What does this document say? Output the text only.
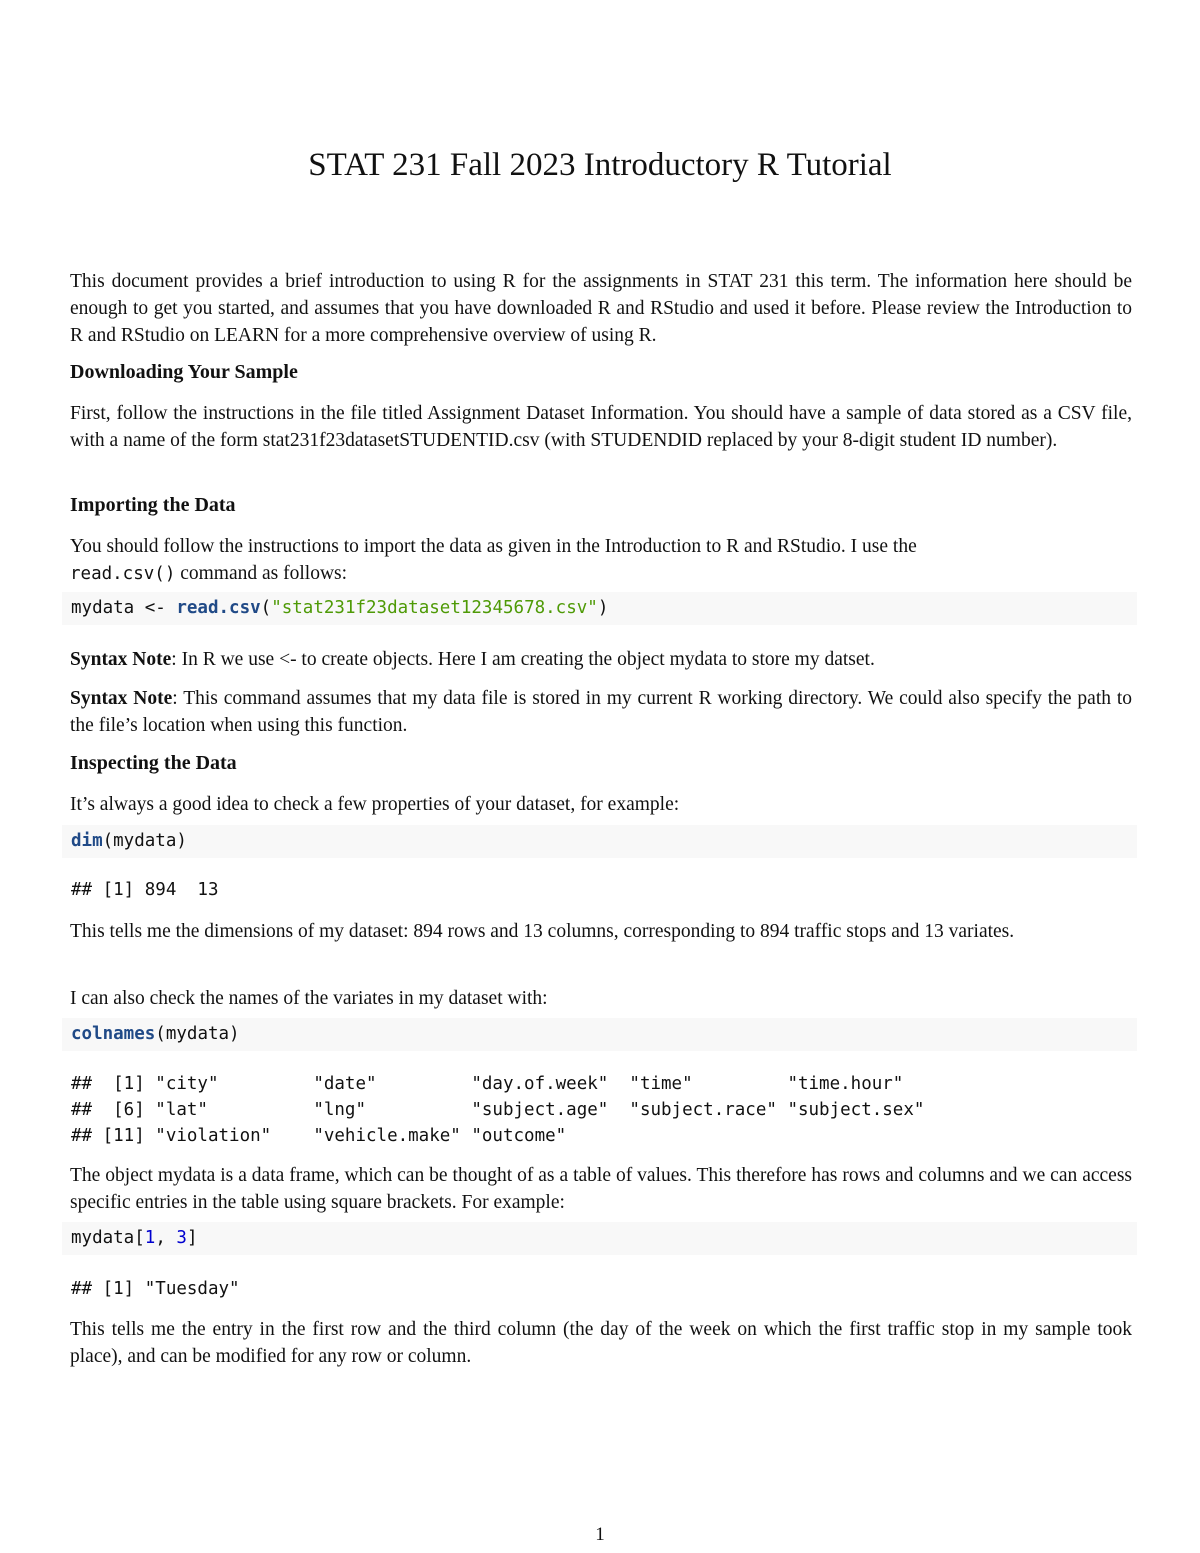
STAT 231 Fall 2023 Introductory R Tutorial

This document provides a brief introduction to using R for the assignments in STAT 231 this term. The information here should be enough to get you started, and assumes that you have downloaded R and RStudio and used it before. Please review the Introduction to R and RStudio on LEARN for a more comprehensive overview of using R.

Downloading Your Sample

First, follow the instructions in the file titled Assignment Dataset Information. You should have a sample of data stored as a CSV file, with a name of the form stat231f23datasetSTUDENTID.csv (with STUDENDID replaced by your 8-digit student ID number).

Importing the Data

You should follow the instructions to import the data as given in the Introduction to R and RStudio. I use the
read.csv() command as follows:

mydata <- read.csv("stat231f23dataset12345678.csv")

Syntax Note: In R we use <- to create objects. Here I am creating the object mydata to store my datset.

Syntax Note: This command assumes that my data file is stored in my current R working directory. We could also specify the path to the file’s location when using this function.

Inspecting the Data

It’s always a good idea to check a few properties of your dataset, for example:

dim(mydata)
## [1] 894  13

This tells me the dimensions of my dataset: 894 rows and 13 columns, corresponding to 894 traffic stops and 13 variates.

I can also check the names of the variates in my dataset with:

colnames(mydata)
##  [1] "city"         "date"         "day.of.week"  "time"         "time.hour"
##  [6] "lat"          "lng"          "subject.age"  "subject.race" "subject.sex"
## [11] "violation"    "vehicle.make" "outcome"

The object mydata is a data frame, which can be thought of as a table of values. This therefore has rows and columns and we can access specific entries in the table using square brackets. For example:

mydata[1, 3]
## [1] "Tuesday"

This tells me the entry in the first row and the third column (the day of the week on which the first traffic stop in my sample took place), and can be modified for any row or column.

1
